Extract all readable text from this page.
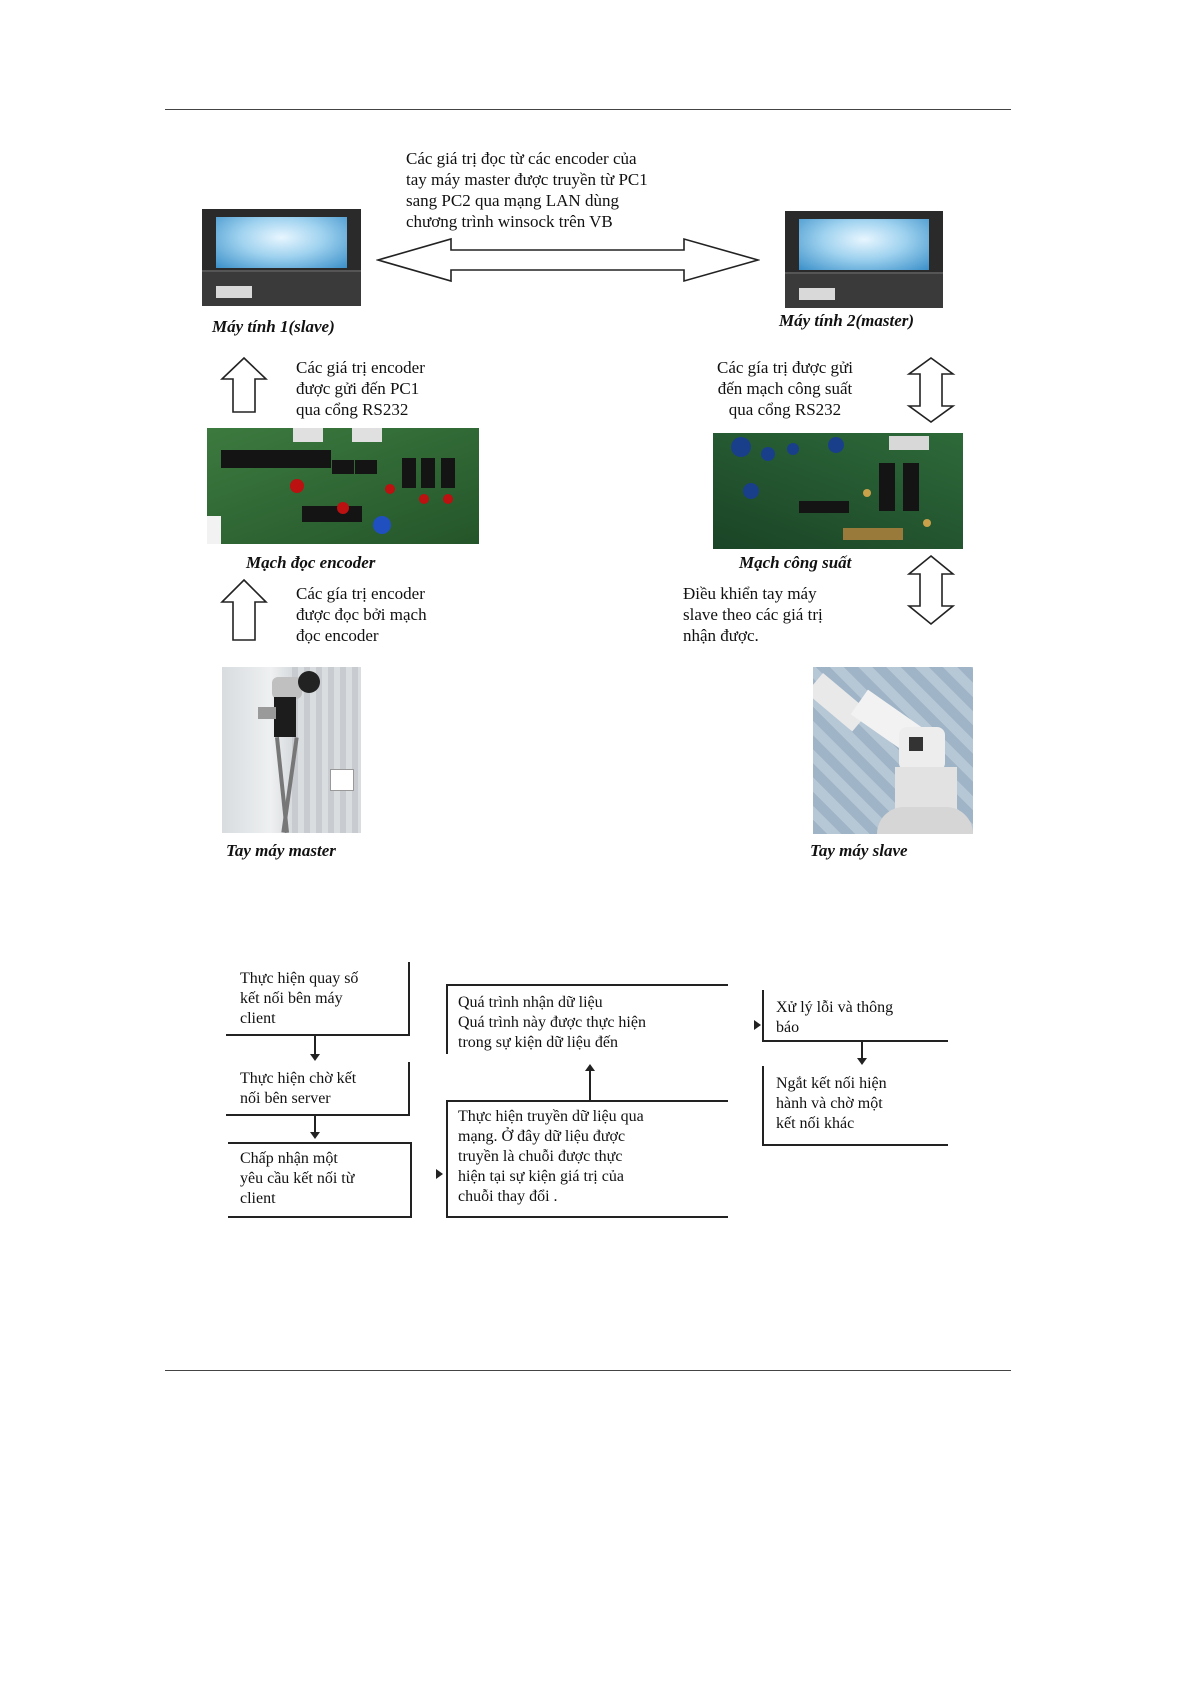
Các giá trị đọc từ các encoder của
tay máy master được truyền từ PC1
sang PC2 qua mạng LAN dùng
chương trình winsock trên VB
Máy tính 1(slave)	Máy tính 2(master)
Các giá trị encoder
được gửi đến PC1
qua cổng RS232
Các gía trị được gửi
đến mạch công suất
qua cổng RS232
Mạch đọc encoder	Mạch công suất
Các gía trị encoder
được đọc bởi mạch
đọc encoder
Điều khiển tay máy
slave theo các giá trị
nhận được.
Tay máy master	Tay máy slave
Thực hiện quay số
kết nối bên máy
client
Thực hiện chờ kết
nối bên server
Chấp nhận một
yêu cầu kết nối từ
client
Quá trình nhận dữ liệu
Quá trình này được thực hiện
trong sự kiện dữ liệu đến
Thực hiện truyền dữ liệu qua
mạng. Ở đây dữ liệu được
truyền là chuỗi được thực
hiện tại sự kiện giá trị của
chuỗi thay đổi .
Xử lý lỗi và thông
báo
Ngắt kết nối hiện
hành và chờ một
kết nối khác
